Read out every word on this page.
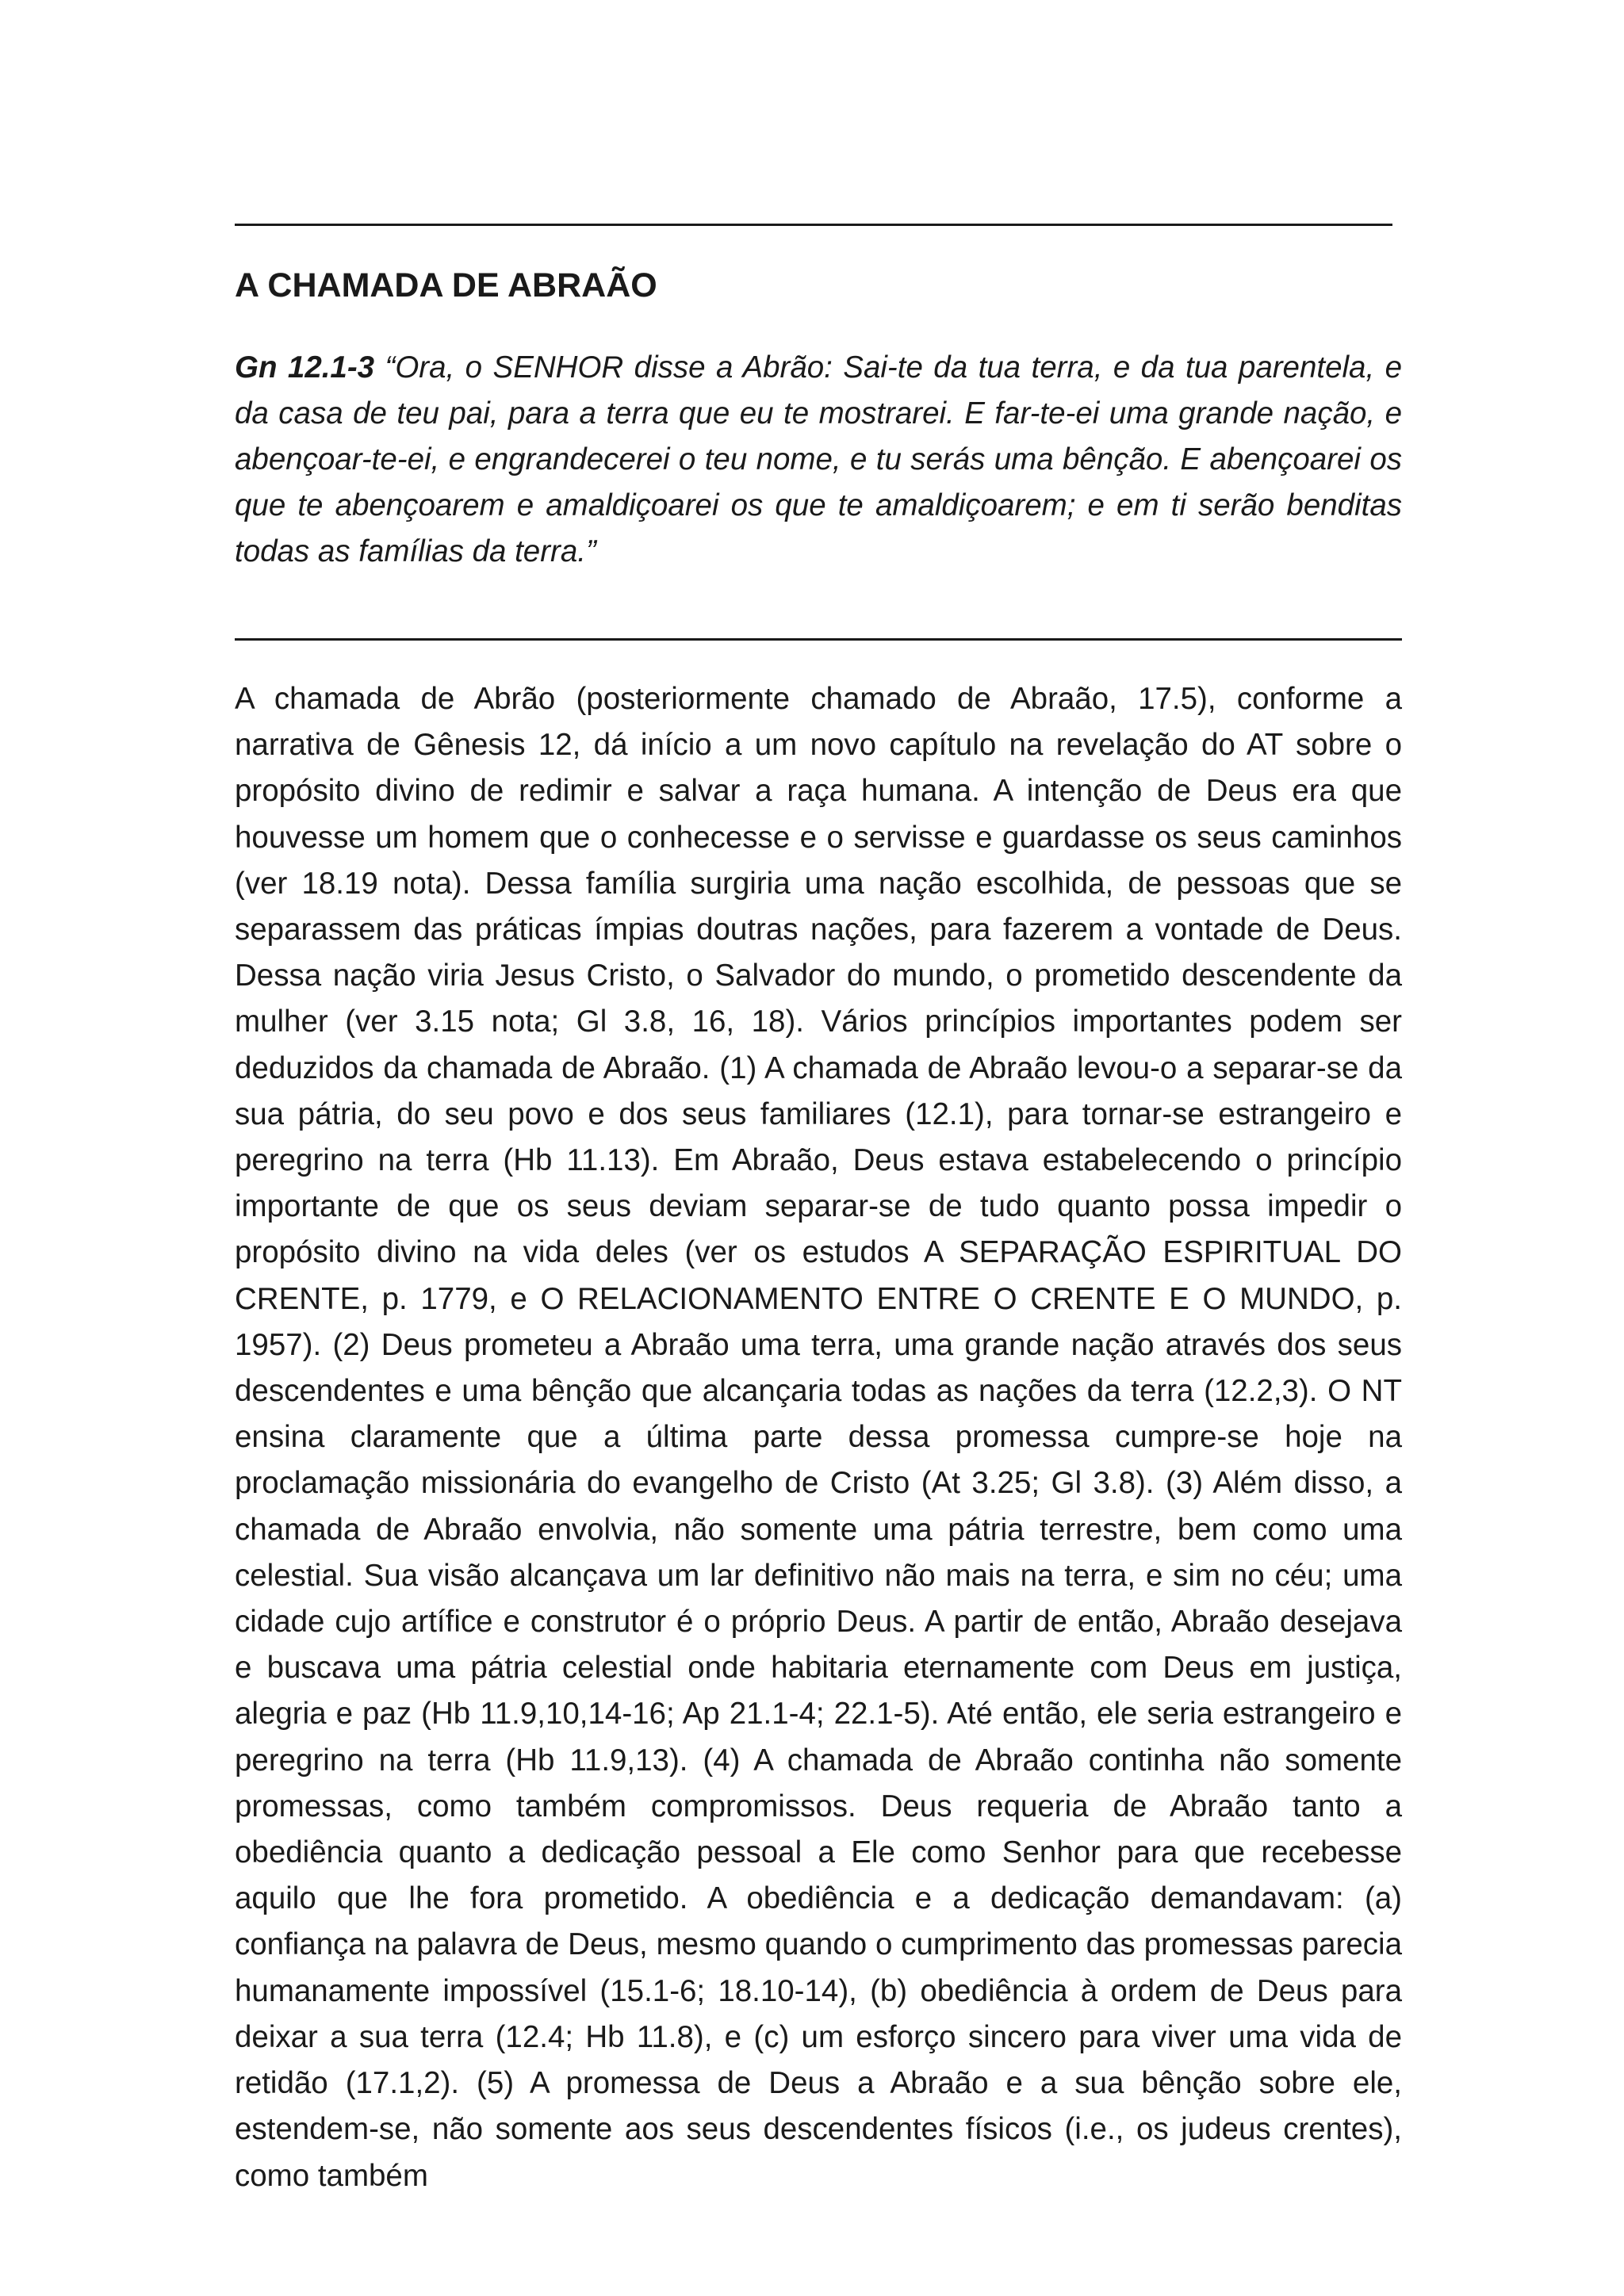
A CHAMADA DE ABRAÃO

Gn 12.1-3 “Ora, o SENHOR disse a Abrão: Sai-te da tua terra, e da tua parentela, e da casa de teu pai, para a terra que eu te mostrarei. E far-te-ei uma grande nação, e abençoar-te-ei, e engrandecerei o teu nome, e tu serás uma bênção. E abençoarei os que te abençoarem e amaldiçoarei os que te amaldiçoarem; e em ti serão benditas todas as famílias da terra.”

A chamada de Abrão (posteriormente chamado de Abraão, 17.5), conforme a narrativa de Gênesis 12, dá início a um novo capítulo na revelação do AT sobre o propósito divino de redimir e salvar a raça humana. A intenção de Deus era que houvesse um homem que o conhecesse e o servisse e guardasse os seus caminhos (ver 18.19 nota). Dessa família surgiria uma nação escolhida, de pessoas que se separassem das práticas ímpias doutras nações, para fazerem a vontade de Deus. Dessa nação viria Jesus Cristo, o Salvador do mundo, o prometido descendente da mulher (ver 3.15 nota; Gl 3.8, 16, 18). Vários princípios importantes podem ser deduzidos da chamada de Abraão. (1) A chamada de Abraão levou-o a separar-se da sua pátria, do seu povo e dos seus familiares (12.1), para tornar-se estrangeiro e peregrino na terra (Hb 11.13). Em Abraão, Deus estava estabelecendo o princípio importante de que os seus deviam separar-se de tudo quanto possa impedir o propósito divino na vida deles (ver os estudos A SEPARAÇÃO ESPIRITUAL DO CRENTE, p. 1779, e O RELACIONAMENTO ENTRE O CRENTE E O MUNDO, p. 1957). (2) Deus prometeu a Abraão uma terra, uma grande nação através dos seus descendentes e uma bênção que alcançaria todas as nações da terra (12.2,3). O NT ensina claramente que a última parte dessa promessa cumpre-se hoje na proclamação missionária do evangelho de Cristo (At 3.25; Gl 3.8). (3) Além disso, a chamada de Abraão envolvia, não somente uma pátria terrestre, bem como uma celestial. Sua visão alcançava um lar definitivo não mais na terra, e sim no céu; uma cidade cujo artífice e construtor é o próprio Deus. A partir de então, Abraão desejava e buscava uma pátria celestial onde habitaria eternamente com Deus em justiça, alegria e paz (Hb 11.9,10,14-16; Ap 21.1-4; 22.1-5). Até então, ele seria estrangeiro e peregrino na terra (Hb 11.9,13). (4) A chamada de Abraão continha não somente promessas, como também compromissos. Deus requeria de Abraão tanto a obediência quanto a dedicação pessoal a Ele como Senhor para que recebesse aquilo que lhe fora prometido. A obediência e a dedicação demandavam: (a) confiança na palavra de Deus, mesmo quando o cumprimento das promessas parecia humanamente impossível (15.1-6; 18.10-14), (b) obediência à ordem de Deus para deixar a sua terra (12.4; Hb 11.8), e (c) um esforço sincero para viver uma vida de retidão (17.1,2). (5) A promessa de Deus a Abraão e a sua bênção sobre ele, estendem-se, não somente aos seus descendentes físicos (i.e., os judeus crentes), como também
